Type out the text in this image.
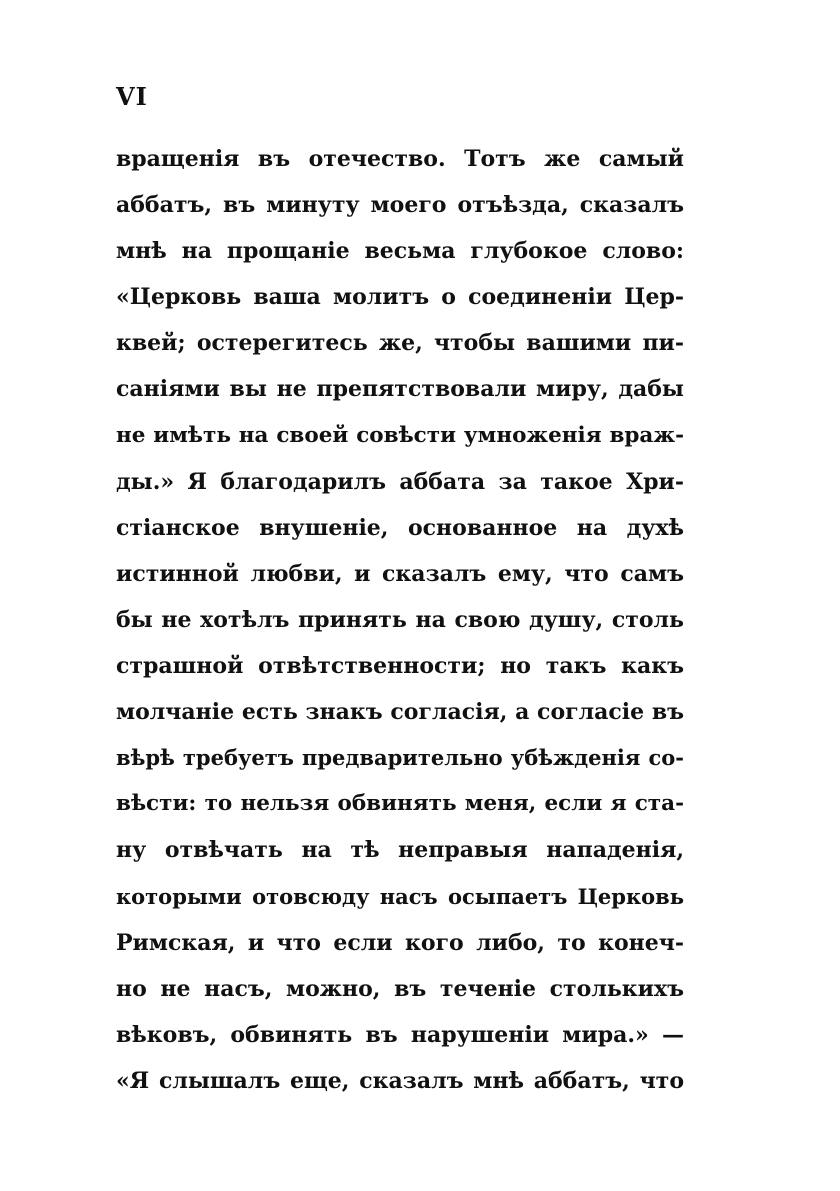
VI
вращенія въ отечество. Тотъ же самый
аббатъ, въ минуту моего отъѣзда, сказалъ
мнѣ на прощаніе весьма глубокое слово:
«Церковь ваша молитъ о соединеніи Цер-
квей; остерегитесь же, чтобы вашими пи-
саніями вы не препятствовали миру, дабы
не имѣть на своей совѣсти умноженія враж-
ды.» Я благодарилъ аббата за такое Хри-
стіанское внушеніе, основанное на духѣ
истинной любви, и сказалъ ему, что самъ
бы не хотѣлъ принять на свою душу, столь
страшной отвѣтственности; но такъ какъ
молчаніе есть знакъ согласія, а согласіе въ
вѣрѣ требуетъ предварительно убѣжденія со-
вѣсти: то нельзя обвинять меня, если я ста-
ну отвѣчать на тѣ неправыя нападенія,
которыми отовсюду насъ осыпаетъ Церковь
Римская, и что если кого либо, то конеч-
но не насъ, можно, въ теченіе столькихъ
вѣковъ, обвинять въ нарушеніи мира.» —
«Я слышалъ еще, сказалъ мнѣ аббатъ, что
